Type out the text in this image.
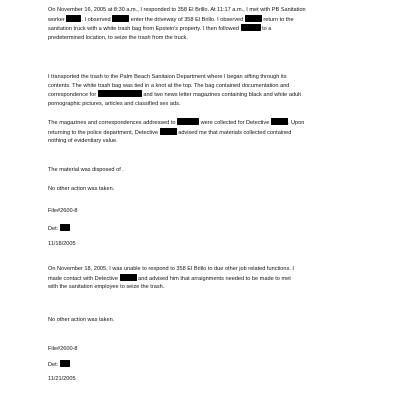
On November 16, 2005 at 8:30 a.m., I responded to 358 El Brillo. At 11:17 a.m., I met with PB Sanitation
worker	. I observed	enter the driveway of 358 El Brillo. I observed	return to the
sanitation truck with a white trash bag from Epstein's property. I then followed	to a
predetermined location, to seize the trash from the truck.
I transported the trash to the Palm Beach Sanitaion Department where I began sifting through its
contents. The white trash bag was tied in a knot at the top. The bag contained documentation and
correspondence for	and two news letter magazines containing black and white adult
pornographic pictures, articles and classified sex ads.
The magazines and correspondences addressed to	were collected for Detective	. Upon
returning to the police department, Detective	advised me that materials collected contained
nothing of evidentiary value.
The material was disposed of .
No other action was taken.
File#2600-8
Det:
11/18/2005
On November 18, 2005, I was unable to respond to 358 El Brillo to due other job related functions. I
made contact with Detective	and advised him that arraignments needed to be made to met
with the sanitation employee to seize the trash.
No other action was taken.
File#2600-8
Det:
11/21/2005
